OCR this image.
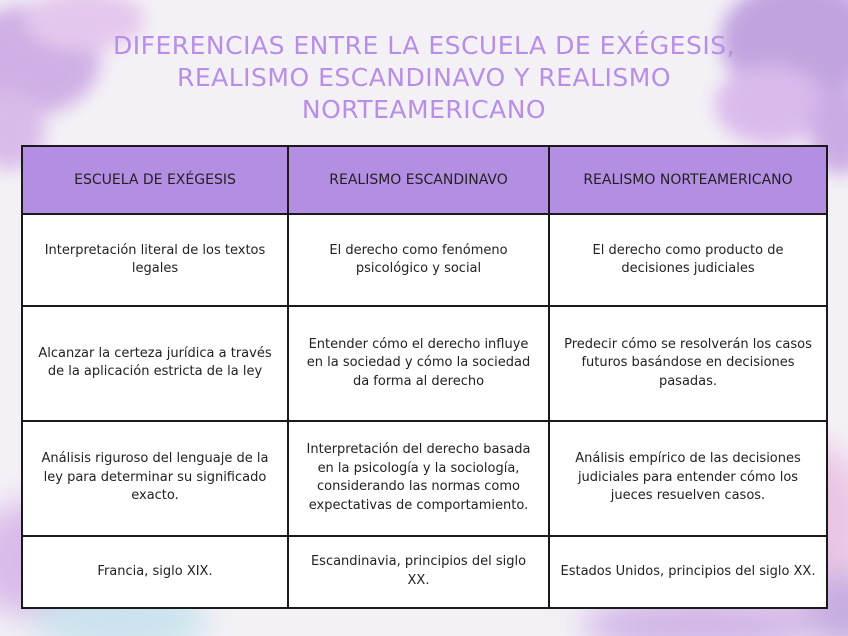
DIFERENCIAS ENTRE LA ESCUELA DE EXÉGESIS,
REALISMO ESCANDINAVO Y REALISMO
NORTEAMERICANO
ESCUELA DE EXÉGESIS	REALISMO ESCANDINAVO	REALISMO NORTEAMERICANO
Interpretación literal de los textos legales	El derecho como fenómeno psicológico y social	El derecho como producto de decisiones judiciales
Alcanzar la certeza jurídica a través de la aplicación estricta de la ley	Entender cómo el derecho influye en la sociedad y cómo la sociedad da forma al derecho	Predecir cómo se resolverán los casos futuros basándose en decisiones pasadas.
Análisis riguroso del lenguaje de la ley para determinar su significado exacto.	Interpretación del derecho basada en la psicología y la sociología, considerando las normas como expectativas de comportamiento.	Análisis empírico de las decisiones judiciales para entender cómo los jueces resuelven casos.
Francia, siglo XIX.	Escandinavia, principios del siglo XX.	Estados Unidos, principios del siglo XX.
